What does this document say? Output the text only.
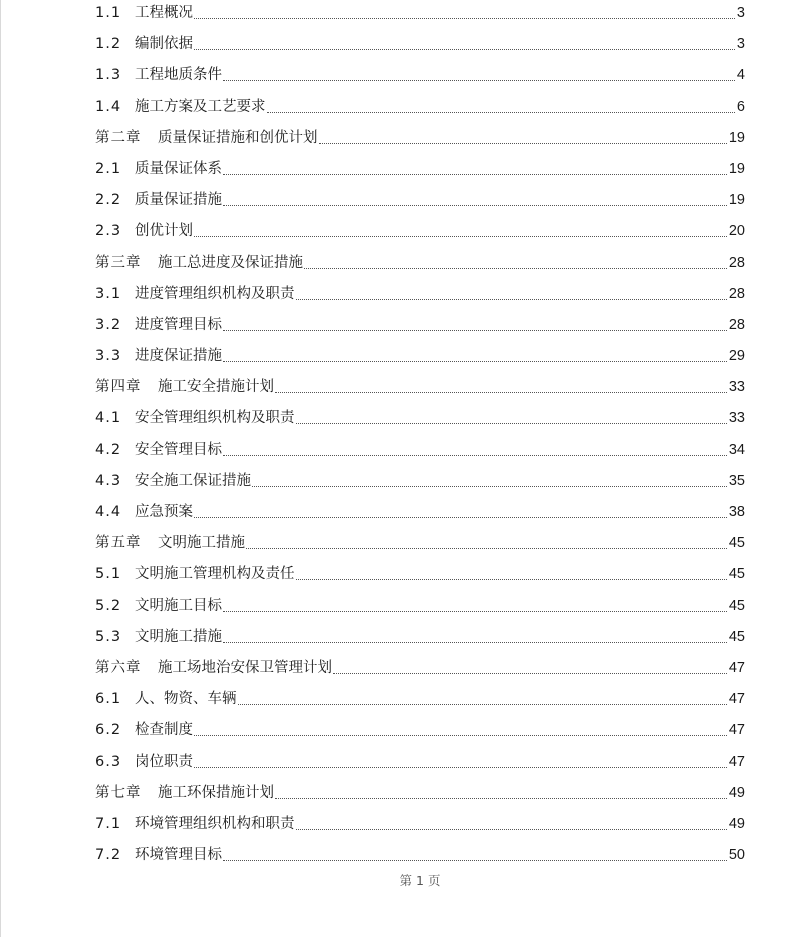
1.1 工程概况	3
1.2 编制依据	3
1.3 工程地质条件	4
1.4 施工方案及工艺要求	6
第二章	质量保证措施和创优计划	19
2.1 质量保证体系	19
2.2 质量保证措施	19
2.3 创优计划	20
第三章	施工总进度及保证措施	28
3.1 进度管理组织机构及职责	28
3.2 进度管理目标	28
3.3 进度保证措施	29
第四章	施工安全措施计划	33
4.1 安全管理组织机构及职责	33
4.2 安全管理目标	34
4.3 安全施工保证措施	35
4.4 应急预案	38
第五章	文明施工措施	45
5.1 文明施工管理机构及责任	45
5.2 文明施工目标	45
5.3 文明施工措施	45
第六章	施工场地治安保卫管理计划	47
6.1 人、物资、车辆	47
6.2 检查制度	47
6.3 岗位职责	47
第七章	施工环保措施计划	49
7.1 环境管理组织机构和职责	49
7.2 环境管理目标	50
第 1 页
